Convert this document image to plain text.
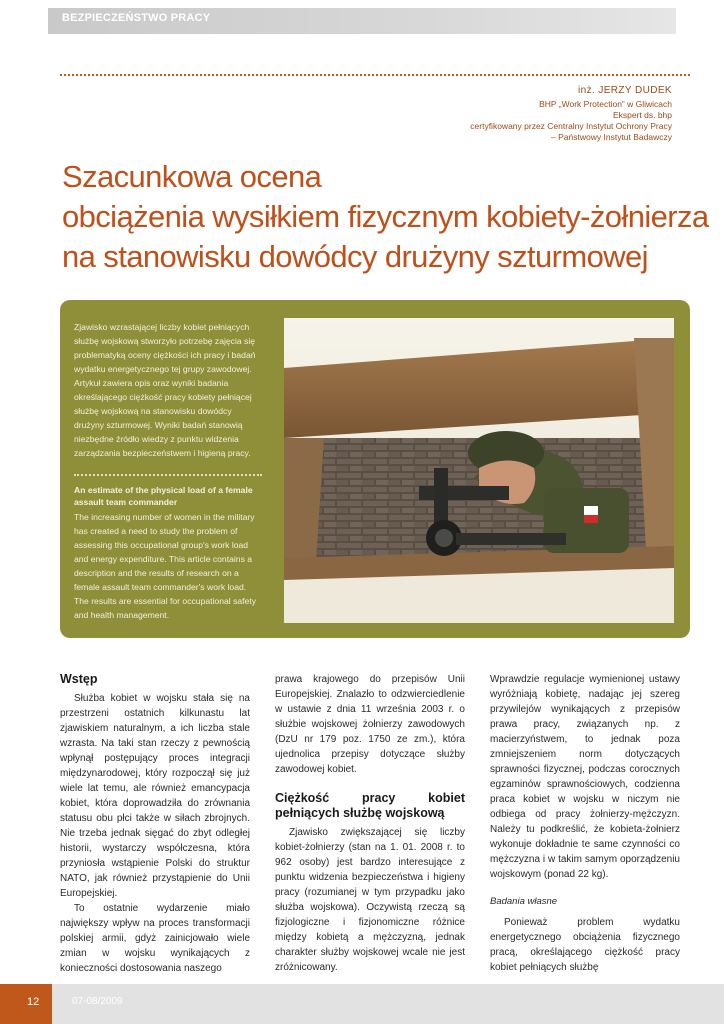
BEZPIECZEŃSTWO PRACY
inż. JERZY DUDEK
BHP „Work Protection” w Gliwicach
Ekspert ds. bhp
certyfikowany przez Centralny Instytut Ochrony Pracy
– Państwowy Instytut Badawczy
Szacunkowa ocena
obciążenia wysiłkiem fizycznym kobiety-żołnierza
na stanowisku dowódcy drużyny szturmowej
Zjawisko wzrastającej liczby kobiet pełniących służbę wojskową stworzyło potrzebę zajęcia się problematyką oceny ciężkości ich pracy i badań wydatku energetycznego tej grupy zawodowej. Artykuł zawiera opis oraz wyniki badania określającego ciężkość pracy kobiety pełniącej służbę wojskową na stanowisku dowódcy drużyny szturmowej. Wyniki badań stanowią niezbędne źródło wiedzy z punktu widzenia zarządzania bezpieczeństwem i higieną pracy.
An estimate of the physical load of a female assault team commander
The increasing number of women in the military has created a need to study the problem of assessing this occupational group's work load and energy expenditure. This article contains a description and the results of research on a female assault team commander's work load. The results are essential for occupational safety and health management.
Wstęp

Służba kobiet w wojsku stała się na przestrzeni ostatnich kilkunastu lat zjawiskiem naturalnym, a ich liczba stale wzrasta. Na taki stan rzeczy z pewnością wpłynął postępujący proces integracji międzynarodowej, który rozpoczął się już wiele lat temu, ale również emancypacja kobiet, która doprowadziła do zrównania statusu obu płci także w siłach zbrojnych. Nie trzeba jednak sięgać do zbyt odległej historii, wystarczy współczesna, która przyniosła wstąpienie Polski do struktur NATO, jak również przystąpienie do Unii Europejskiej.

To ostatnie wydarzenie miało największy wpływ na proces transformacji polskiej armii, gdyż zainicjowało wiele zmian w wojsku wynikających z konieczności dostosowania naszego

prawa krajowego do przepisów Unii Europejskiej. Znalazło to odzwierciedlenie w ustawie z dnia 11 września 2003 r. o służbie wojskowej żołnierzy zawodowych (DzU nr 179 poz. 1750 ze zm.), która ujednolica przepisy dotyczące służby zawodowej kobiet.

Ciężkość pracy kobiet pełniących służbę wojskową

Zjawisko zwiększającej się liczby kobiet-żołnierzy (stan na 1. 01. 2008 r. to 962 osoby) jest bardzo interesujące z punktu widzenia bezpieczeństwa i higieny pracy (rozumianej w tym przypadku jako służba wojskowa). Oczywistą rzeczą są fizjologiczne i fizjonomiczne różnice między kobietą a mężczyzną, jednak charakter służby wojskowej wcale nie jest zróżnicowany.

Wprawdzie regulacje wymienionej ustawy wyróżniają kobietę, nadając jej szereg przywilejów wynikających z przepisów prawa pracy, związanych np. z macierzyństwem, to jednak poza zmniejszeniem norm dotyczących sprawności fizycznej, podczas corocznych egzaminów sprawnościowych, codzienna praca kobiet w wojsku w niczym nie odbiega od pracy żołnierzy-mężczyzn. Należy tu podkreślić, że kobieta-żołnierz wykonuje dokładnie te same czynności co mężczyzna i w takim samym oporządzeniu wojskowym (ponad 22 kg).

Badania własne

Ponieważ problem wydatku energetycznego obciążenia fizycznego pracą, określającego ciężkość pracy kobiet pełniących służbę

12	07-08/2009
